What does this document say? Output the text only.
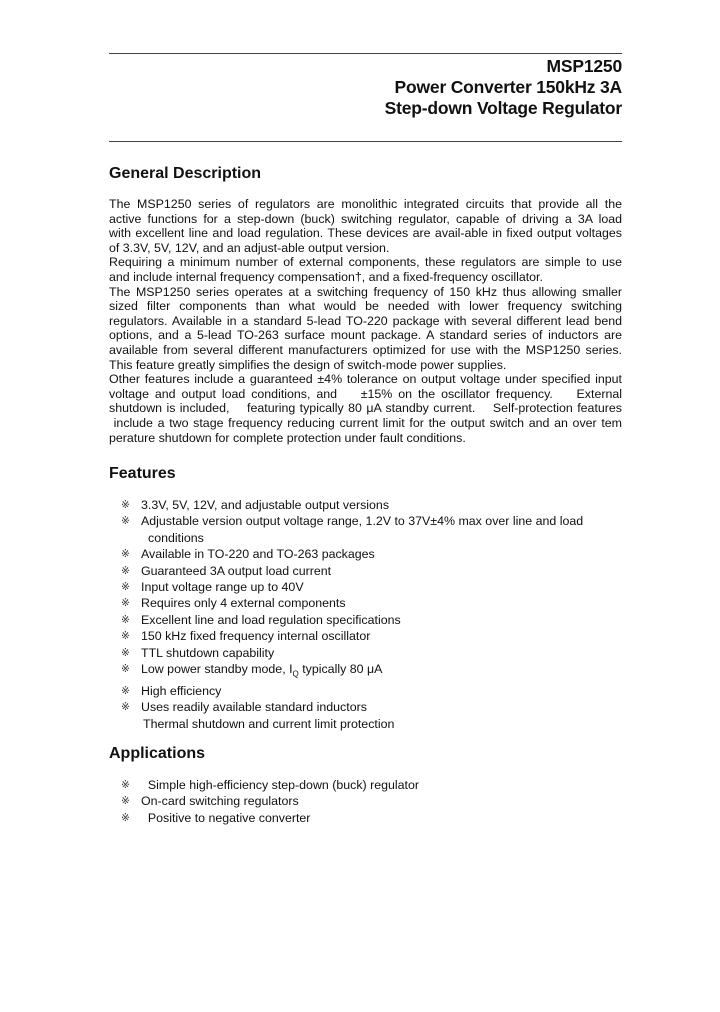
MSP1250
Power Converter 150kHz 3A
Step-down Voltage Regulator
General Description
The MSP1250 series of regulators are monolithic integrated circuits that provide all the
active functions for a step-down (buck) switching regulator, capable of driving a 3A load
with excellent line and load regulation. These devices are avail-able in fixed output voltages
of 3.3V, 5V, 12V, and an adjust-able output version.
Requiring a minimum number of external components, these regulators are simple to use
and include internal frequency compensation†, and a fixed-frequency oscillator.
The MSP1250 series operates at a switching frequency of 150 kHz thus allowing smaller
sized filter components than what would be needed with lower frequency switching
regulators. Available in a standard 5-lead TO-220 package with several different lead bend
options, and a 5-lead TO-263 surface mount package. A standard series of inductors are
available from several different manufacturers optimized for use with the MSP1250 series.
This feature greatly simplifies the design of switch-mode power supplies.
Other features include a guaranteed ±4% tolerance on output voltage under specified input
voltage and output load conditions, and    ±15% on the oscillator frequency.    External
shutdown is included,    featuring typically 80 μA standby current.    Self-protection features
include a two stage frequency reducing current limit for the output switch and an over tem
perature shutdown for complete protection under fault conditions.
Features
※ 3.3V, 5V, 12V, and adjustable output versions
※ Adjustable version output voltage range, 1.2V to 37V±4% max over line and load
conditions
※ Available in TO-220 and TO-263 packages
※ Guaranteed 3A output load current
※ Input voltage range up to 40V
※ Requires only 4 external components
※ Excellent line and load regulation specifications
※ 150 kHz fixed frequency internal oscillator
※ TTL shutdown capability
※ Low power standby mode, $I_Q$ typically 80 μA
※ High efficiency
※ Uses readily available standard inductors
Thermal shutdown and current limit protection
Applications
※ Simple high-efficiency step-down (buck) regulator
※ On-card switching regulators
※ Positive to negative converter
